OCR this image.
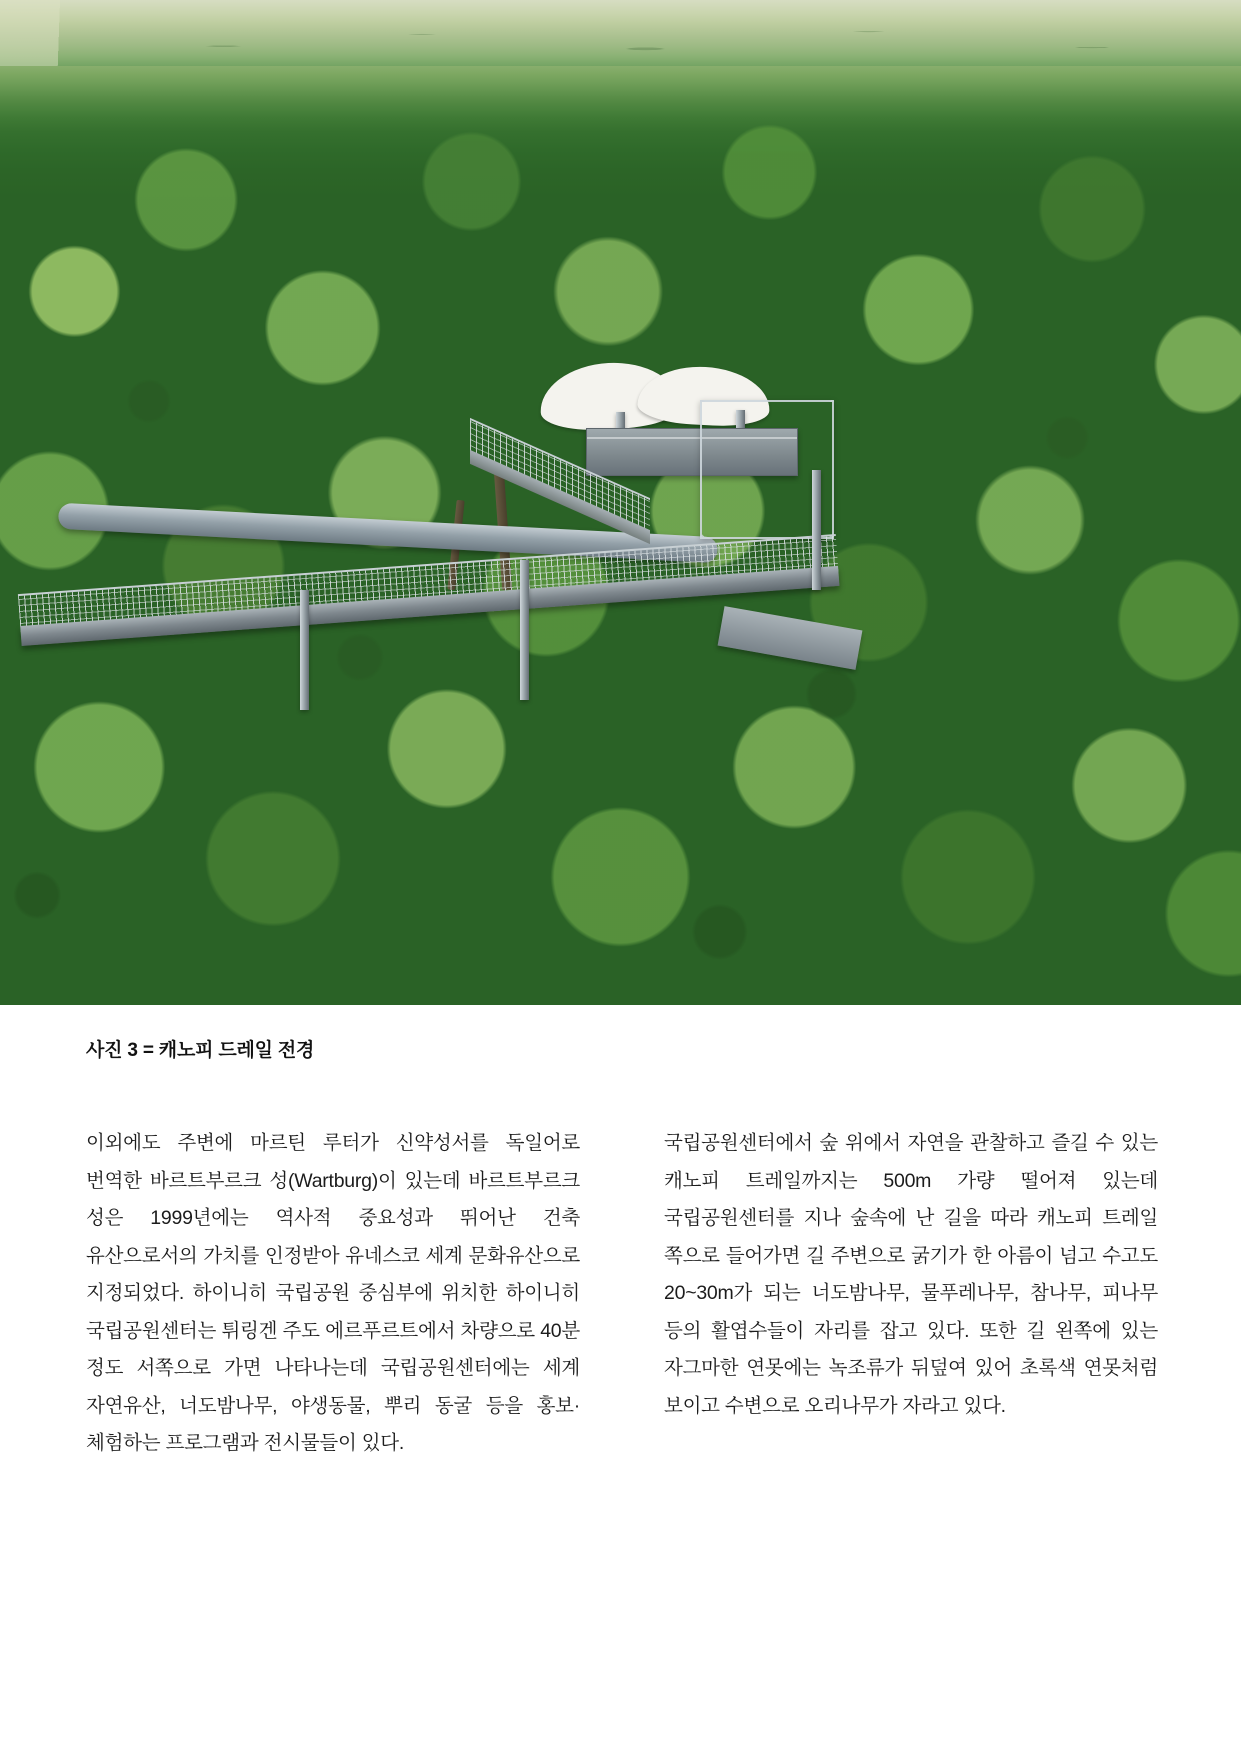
사진 3 = 캐노피 드레일 전경

이외에도 주변에 마르틴 루터가 신약성서를 독일어로 번역한 바르트부르크 성(Wartburg)이 있는데 바르트부르크 성은 1999년에는 역사적 중요성과 뛰어난 건축 유산으로서의 가치를 인정받아 유네스코 세계 문화유산으로 지정되었다. 하이니히 국립공원 중심부에 위치한 하이니히 국립공원센터는 튀링겐 주도 에르푸르트에서 차량으로 40분 정도 서쪽으로 가면 나타나는데 국립공원센터에는 세계 자연유산, 너도밤나무, 야생동물, 뿌리 동굴 등을 홍보·체험하는 프로그램과 전시물들이 있다.

국립공원센터에서 숲 위에서 자연을 관찰하고 즐길 수 있는 캐노피 트레일까지는 500m 가량 떨어져 있는데 국립공원센터를 지나 숲속에 난 길을 따라 캐노피 트레일 쪽으로 들어가면 길 주변으로 굵기가 한 아름이 넘고 수고도 20~30m가 되는 너도밤나무, 물푸레나무, 참나무, 피나무 등의 활엽수들이 자리를 잡고 있다. 또한 길 왼쪽에 있는 자그마한 연못에는 녹조류가 뒤덮여 있어 초록색 연못처럼 보이고 수변으로 오리나무가 자라고 있다.
